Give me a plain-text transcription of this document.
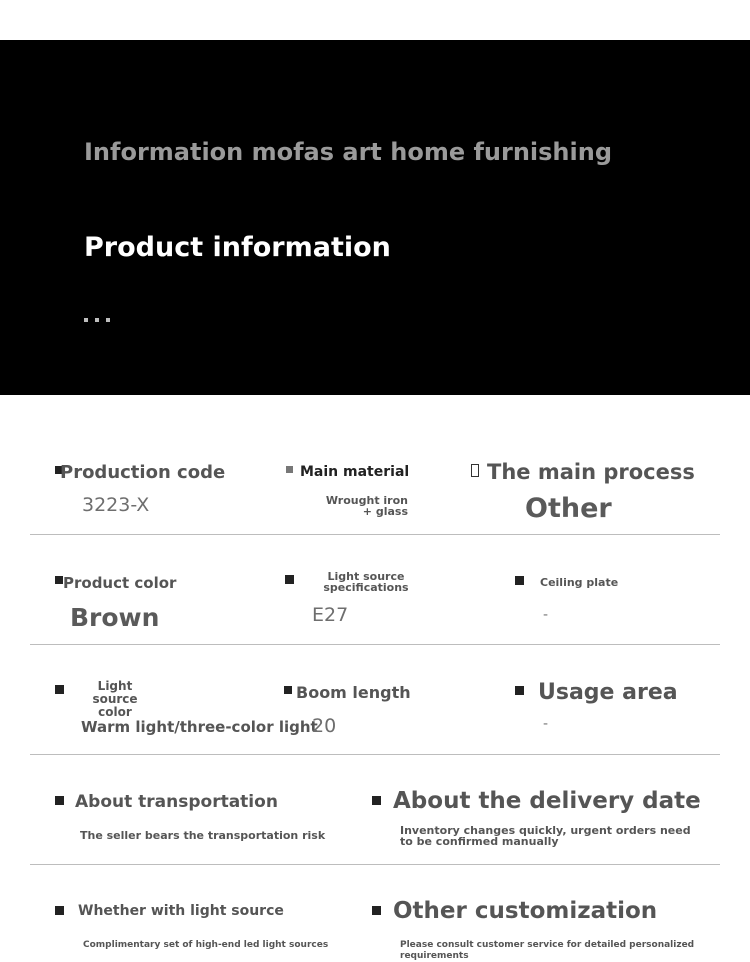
Information mofas art home furnishing
Product information
Production code
3223-X
Main material
Wrought iron + glass
The main process
Other
Product color
Brown
Light source specifications
E27
Ceiling plate
-
Light source color
Warm light/three-color light
Boom length
20
Usage area
-
About transportation
The seller bears the transportation risk
About the delivery date
Inventory changes quickly, urgent orders need to be confirmed manually
Whether with light source
Complimentary set of high-end led light sources
Other customization
Please consult customer service for detailed personalized requirements
